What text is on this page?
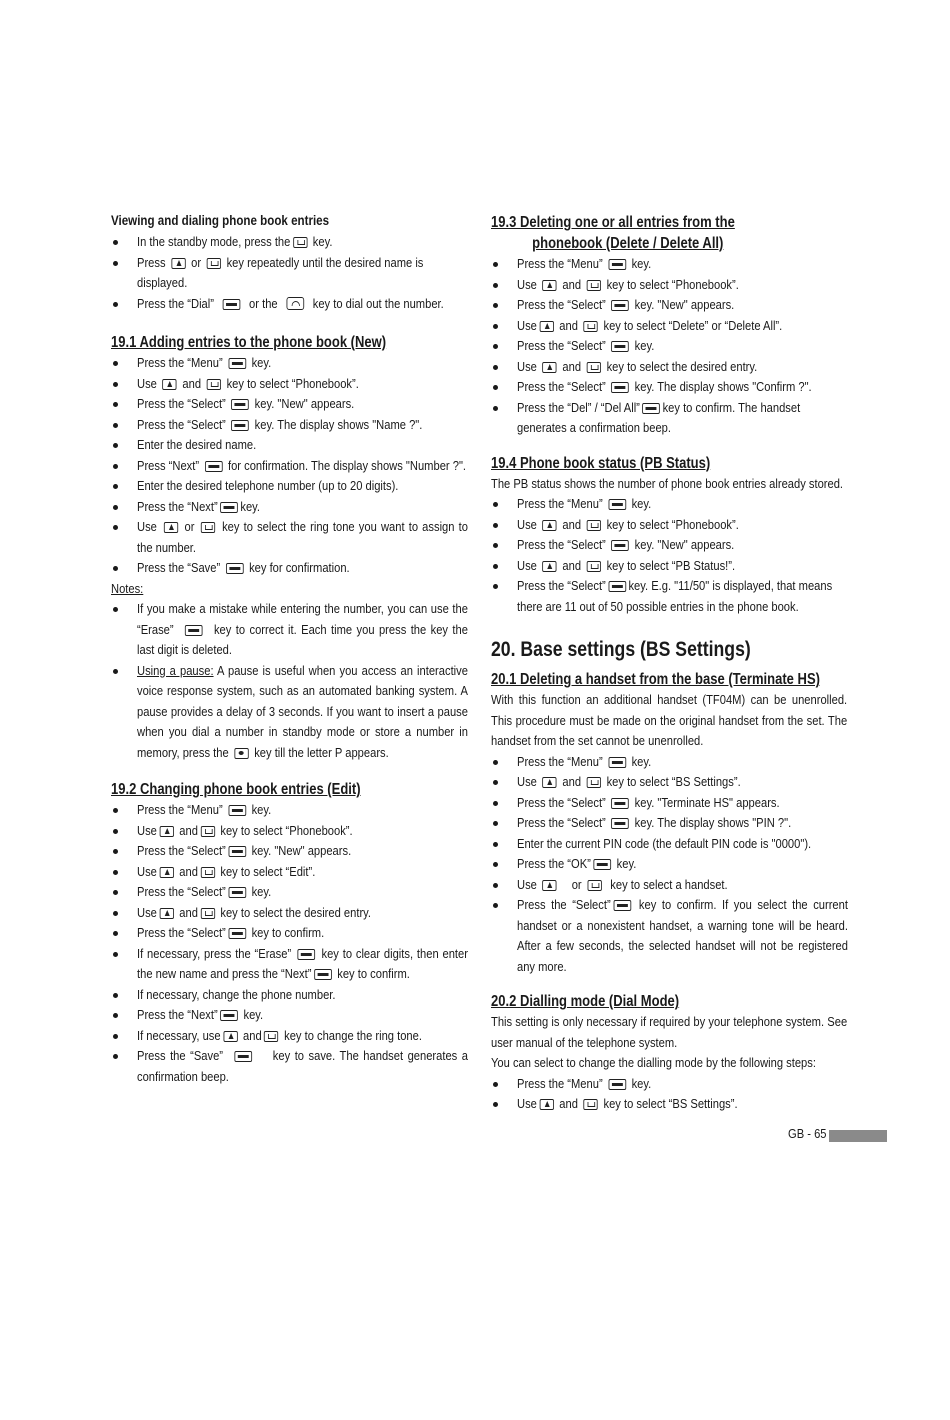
Viewing and dialing phone book entries
In the standby mode, press the key.
Press or key repeatedly until the desired name is displayed.
Press the “Dial”	or the	key to dial out the number.
19.1 Adding entries to the phone book (New)
Press the “Menu” key.
Use and key to select “Phonebook”.
Press the “Select” key. "New" appears.
Press the “Select” key. The display shows "Name ?".
Enter the desired name.
Press “Next” for confirmation. The display shows "Number ?".
Enter the desired telephone number (up to 20 digits).
Press the “Next” key.
Use or key to select the ring tone you want to assign to the number.
Press the “Save” key for confirmation.
Notes:
If you make a mistake while entering the number, you can use the “Erase”	key to correct it. Each time you press the key the last digit is deleted.
Using a pause: A pause is useful when you access an interactive voice response system, such as an automated banking system. A pause provides a delay of 3 seconds. If you want to insert a pause when you dial a number in standby mode or store a number in memory, press the key till the letter P appears.
19.2 Changing phone book entries (Edit)
Press the “Menu” key.
Use and key to select “Phonebook”.
Press the “Select” key. "New" appears.
Use and key to select “Edit”.
Press the “Select” key.
Use and key to select the desired entry.
Press the “Select” key to confirm.
If necessary, press the “Erase” key to clear digits, then enter the new name and press the “Next” key to confirm.
If necessary, change the phone number.
Press the “Next” key.
If necessary, use and key to change the ring tone.
Press the “Save”	key to save. The handset generates a confirmation beep.
19.3 Deleting one or all entries from the
phonebook (Delete / Delete All)
Press the “Menu” key.
Use and key to select “Phonebook”.
Press the “Select” key. "New" appears.
Use and key to select “Delete” or “Delete All”.
Press the “Select” key.
Use and key to select the desired entry.
Press the “Select” key. The display shows "Confirm ?".
Press the “Del” / “Del All” key to confirm. The handset generates a confirmation beep.
19.4 Phone book status (PB Status)
The PB status shows the number of phone book entries already stored.
Press the “Menu” key.
Use and key to select “Phonebook”.
Press the “Select” key. "New" appears.
Use and key to select “PB Status!”.
Press the “Select” key. E.g. "11/50" is displayed, that means there are 11 out of 50 possible entries in the phone book.
20. Base settings (BS Settings)
20.1 Deleting a handset from the base (Terminate HS)
With this function an additional handset (TF04M) can be unenrolled. This procedure must be made on the original handset from the set. The handset from the set cannot be unenrolled.
Press the “Menu” key.
Use and key to select “BS Settings”.
Press the “Select” key. "Terminate HS" appears.
Press the “Select” key. The display shows "PIN ?".
Enter the current PIN code (the default PIN code is "0000").
Press the “OK” key.
Use	or key to select a handset.
Press the “Select” key to confirm. If you select the current handset or a nonexistent handset, a warning tone will be heard. After a few seconds, the selected handset will not be registered any more.
20.2 Dialling mode (Dial Mode)
This setting is only necessary if required by your telephone system. See user manual of the telephone system.
You can select to change the dialling mode by the following steps:
Press the “Menu” key.
Use and key to select “BS Settings”.
GB - 65
